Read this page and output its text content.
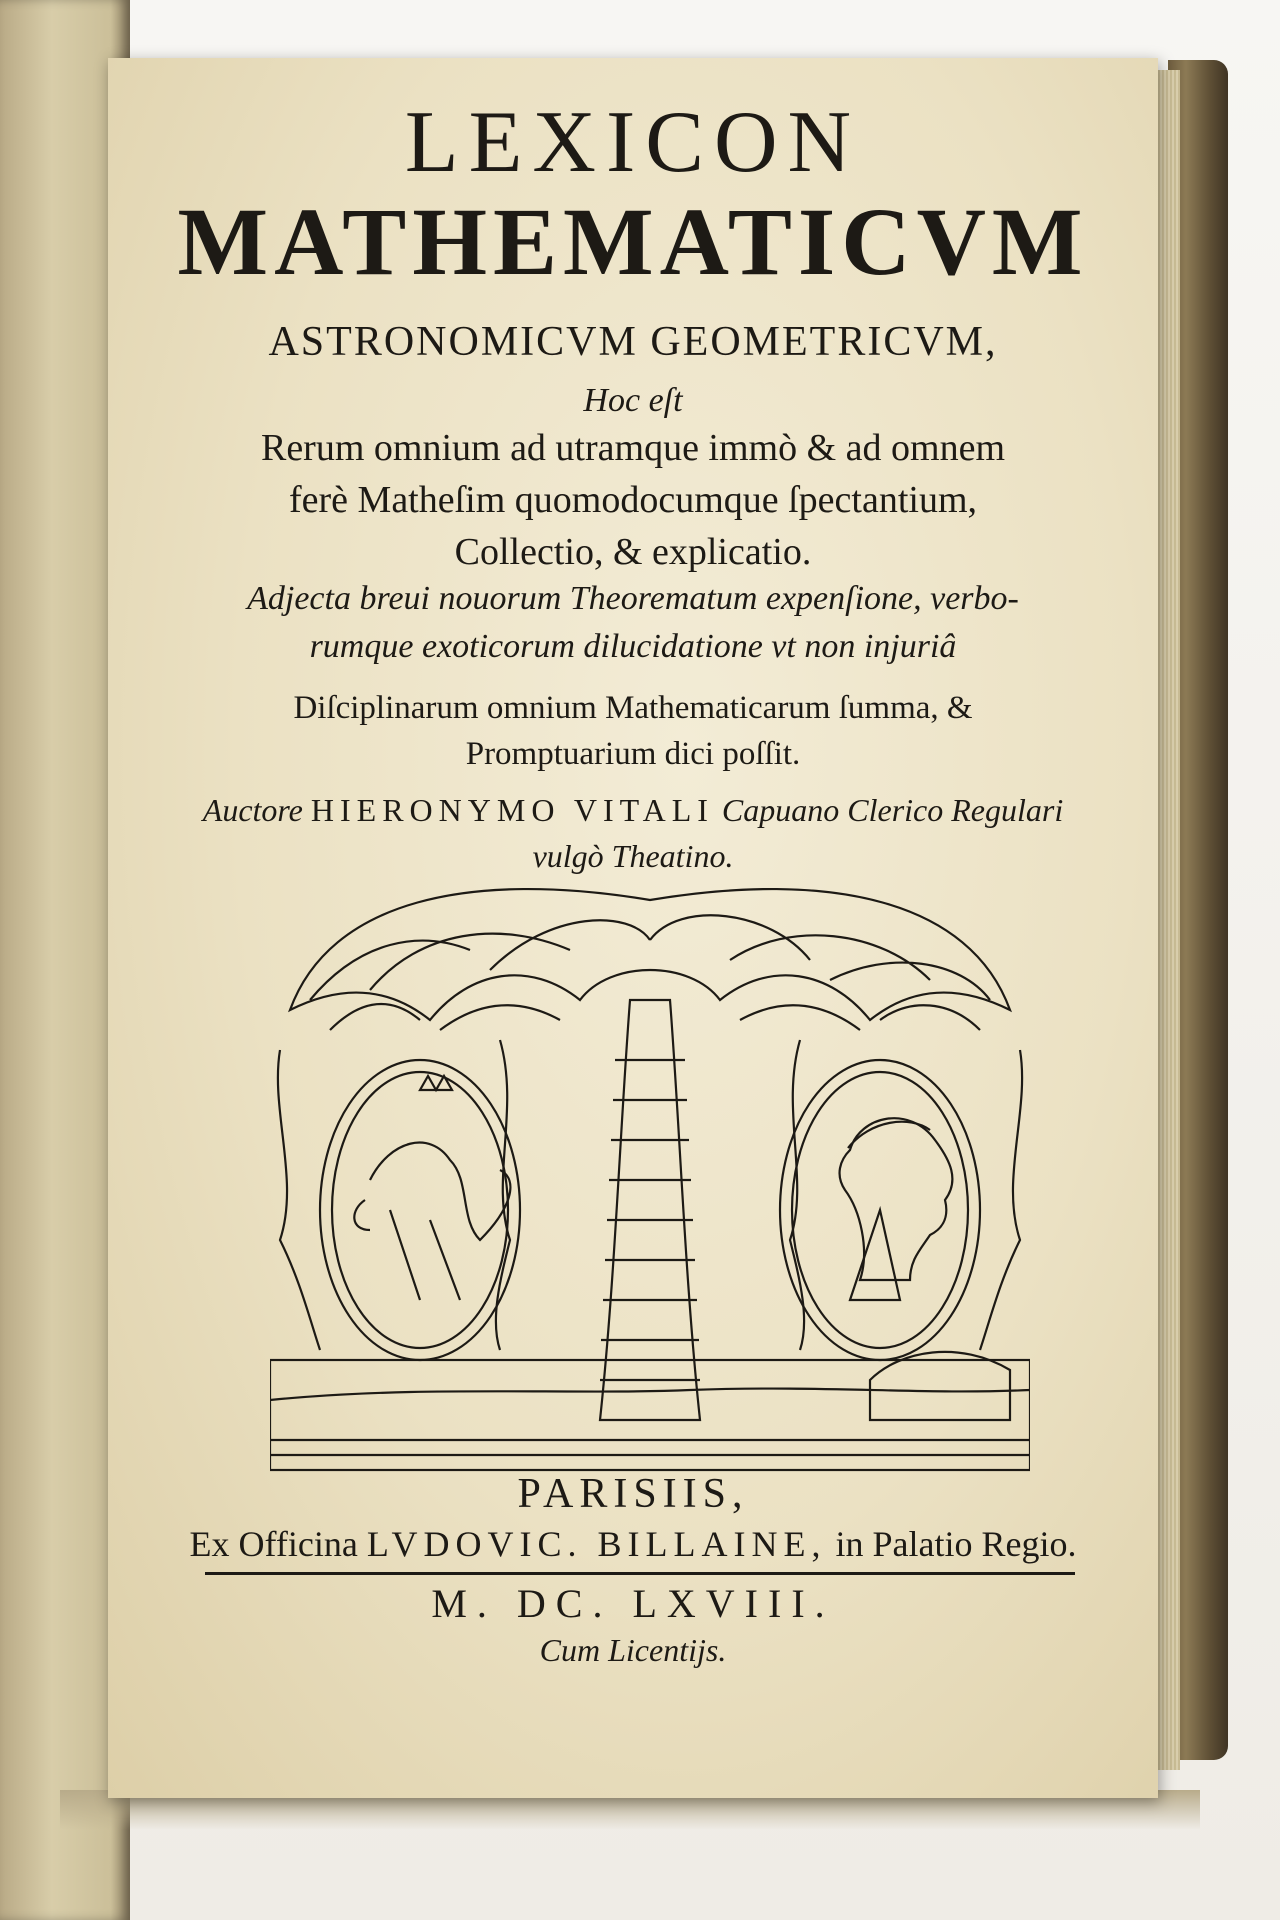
LEXICON
MATHEMATICVM
ASTRONOMICVM GEOMETRICVM,
Hoc eſt
Rerum omnium ad utramque immò & ad omnem
ferè Matheſim quomodocumque ſpectantium,
Collectio, & explicatio.
Adjecta breui nouorum Theorematum expenſione, verbo-
rumque exoticorum dilucidatione vt non injuriâ
Diſciplinarum omnium Mathematicarum ſumma, &
Promptuarium dici poſſit.
Auctore HIERONYMO VITALI Capuano Clerico Regulari
vulgò Theatino.
PARISIIS,
Ex Officina LVDOVIC. BILLAINE, in Palatio Regio.
M. DC. LXVIII.
Cum Licentijs.
